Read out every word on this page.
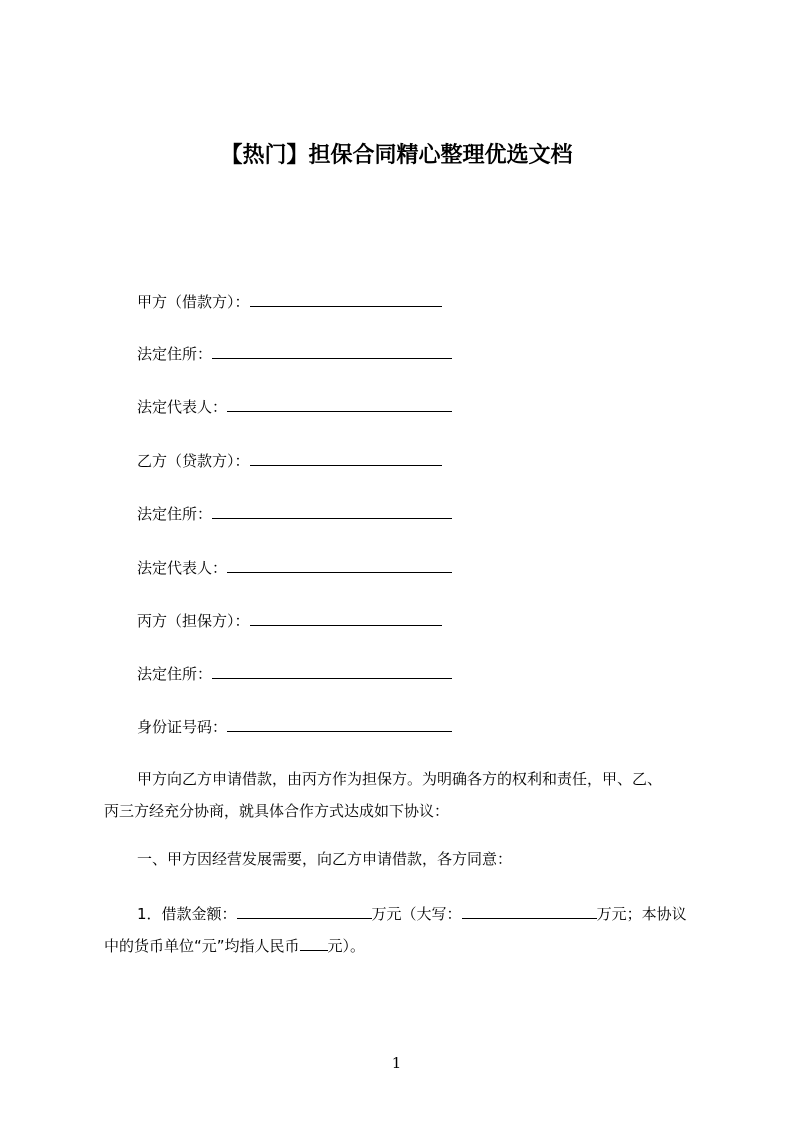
【热门】担保合同精心整理优选文档
甲方（借款方）：
法定住所：
法定代表人：
乙方（贷款方）：
法定住所：
法定代表人：
丙方（担保方）：
法定住所：
身份证号码：
甲方向乙方申请借款，由丙方作为担保方。为明确各方的权利和责任，甲、乙、
丙三方经充分协商，就具体合作方式达成如下协议：
一、甲方因经营发展需要，向乙方申请借款，各方同意：
1．借款金额：	万元（大写：	万元；本协议
中的货币单位“元”均指人民币 元）。
1
